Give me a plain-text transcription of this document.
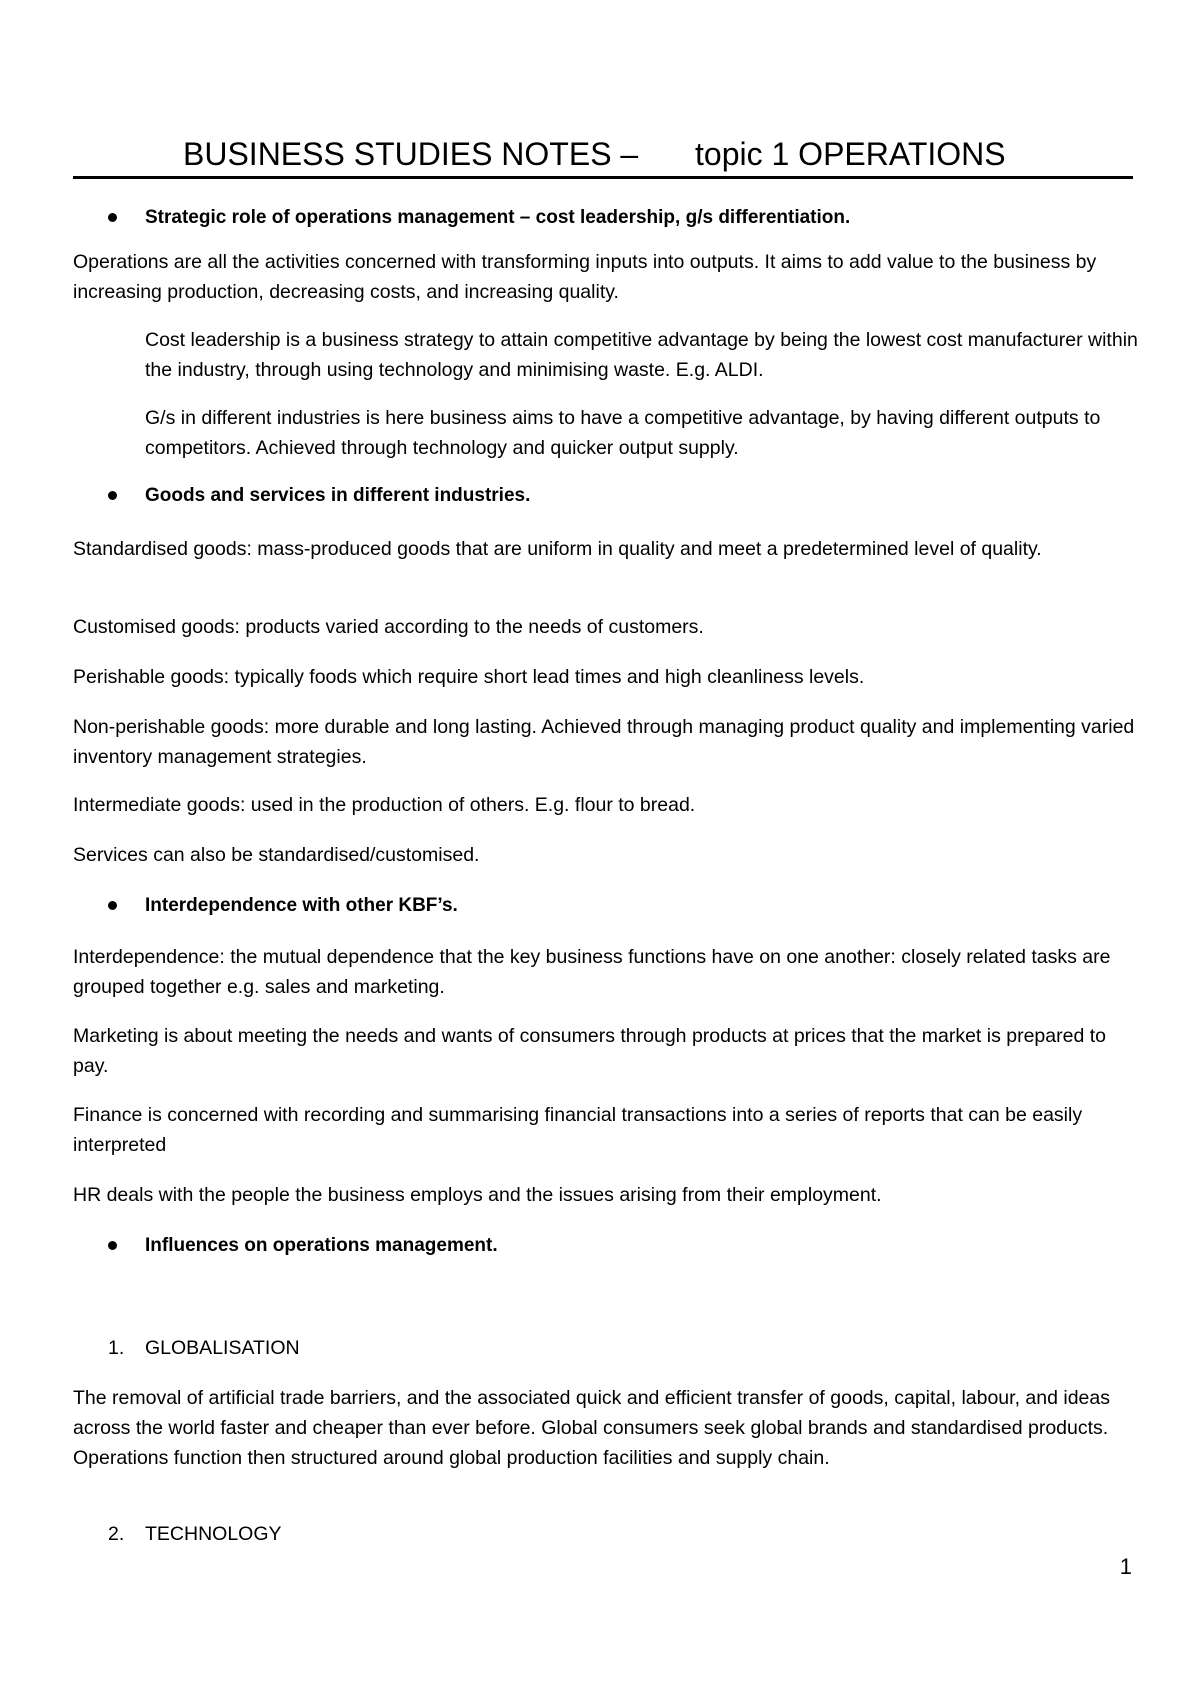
BUSINESS STUDIES NOTES – topic 1 OPERATIONS
Strategic role of operations management – cost leadership, g/s differentiation.

Operations are all the activities concerned with transforming inputs into outputs. It aims to add value to the business by increasing production, decreasing costs, and increasing quality.

Cost leadership is a business strategy to attain competitive advantage by being the lowest cost manufacturer within the industry, through using technology and minimising waste. E.g. ALDI.

G/s in different industries is here business aims to have a competitive advantage, by having different outputs to competitors. Achieved through technology and quicker output supply.

Goods and services in different industries.

Standardised goods: mass-produced goods that are uniform in quality and meet a predetermined level of quality.

Customised goods: products varied according to the needs of customers.

Perishable goods: typically foods which require short lead times and high cleanliness levels.

Non-perishable goods: more durable and long lasting. Achieved through managing product quality and implementing varied inventory management strategies.

Intermediate goods: used in the production of others. E.g. flour to bread.

Services can also be standardised/customised.

Interdependence with other KBF’s.

Interdependence: the mutual dependence that the key business functions have on one another: closely related tasks are grouped together e.g. sales and marketing.

Marketing is about meeting the needs and wants of consumers through products at prices that the market is prepared to pay.

Finance is concerned with recording and summarising financial transactions into a series of reports that can be easily interpreted

HR deals with the people the business employs and the issues arising from their employment.

Influences on operations management.
1. GLOBALISATION

The removal of artificial trade barriers, and the associated quick and efficient transfer of goods, capital, labour, and ideas across the world faster and cheaper than ever before. Global consumers seek global brands and standardised products. Operations function then structured around global production facilities and supply chain.

2. TECHNOLOGY
1
